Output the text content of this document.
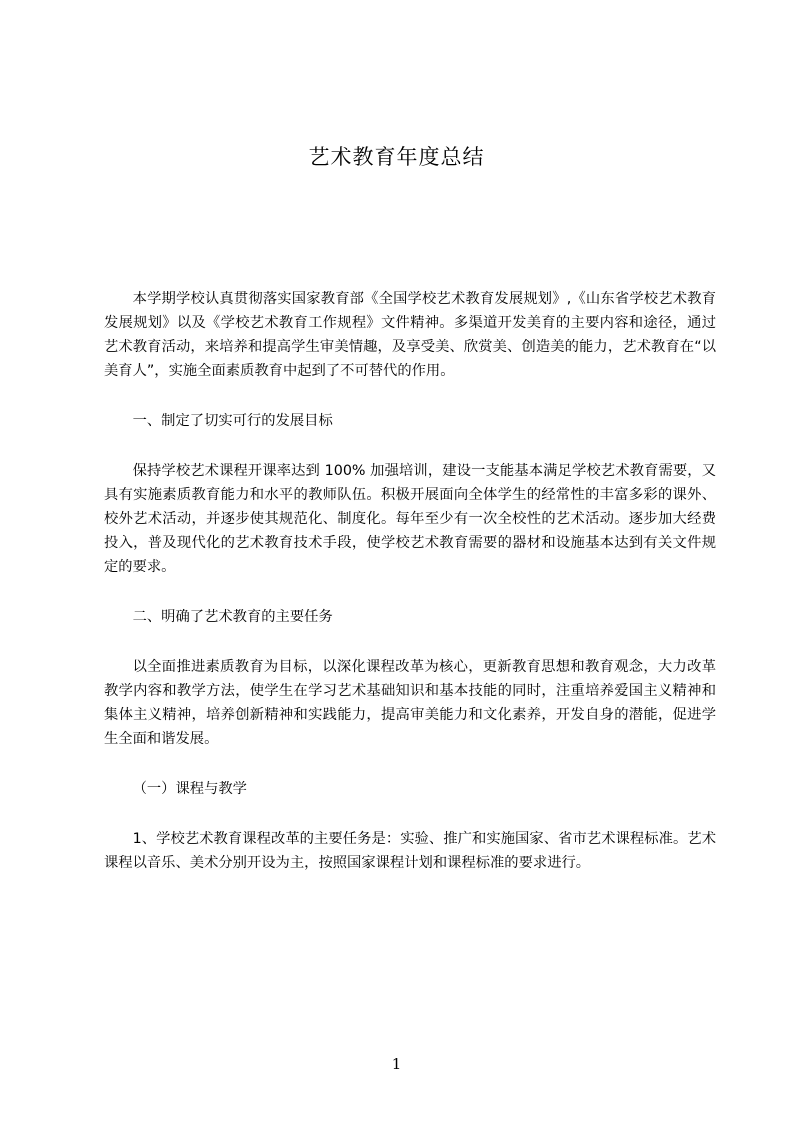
艺术教育年度总结

本学期学校认真贯彻落实国家教育部《全国学校艺术教育发展规划》,《山东省学校艺术教育发展规划》以及《学校艺术教育工作规程》文件精神。多渠道开发美育的主要内容和途径，通过艺术教育活动，来培养和提高学生审美情趣，及享受美、欣赏美、创造美的能力，艺术教育在“以美育人”，实施全面素质教育中起到了不可替代的作用。

一、制定了切实可行的发展目标

保持学校艺术课程开课率达到 100% 加强培训，建设一支能基本满足学校艺术教育需要，又具有实施素质教育能力和水平的教师队伍。积极开展面向全体学生的经常性的丰富多彩的课外、校外艺术活动，并逐步使其规范化、制度化。每年至少有一次全校性的艺术活动。逐步加大经费投入，普及现代化的艺术教育技术手段，使学校艺术教育需要的器材和设施基本达到有关文件规定的要求。

二、明确了艺术教育的主要任务

以全面推进素质教育为目标，以深化课程改革为核心，更新教育思想和教育观念，大力改革教学内容和教学方法，使学生在学习艺术基础知识和基本技能的同时，注重培养爱国主义精神和集体主义精神，培养创新精神和实践能力，提高审美能力和文化素养，开发自身的潜能，促进学生全面和谐发展。

（一）课程与教学

1、学校艺术教育课程改革的主要任务是：实验、推广和实施国家、省市艺术课程标准。艺术课程以音乐、美术分别开设为主，按照国家课程计划和课程标准的要求进行。

1
